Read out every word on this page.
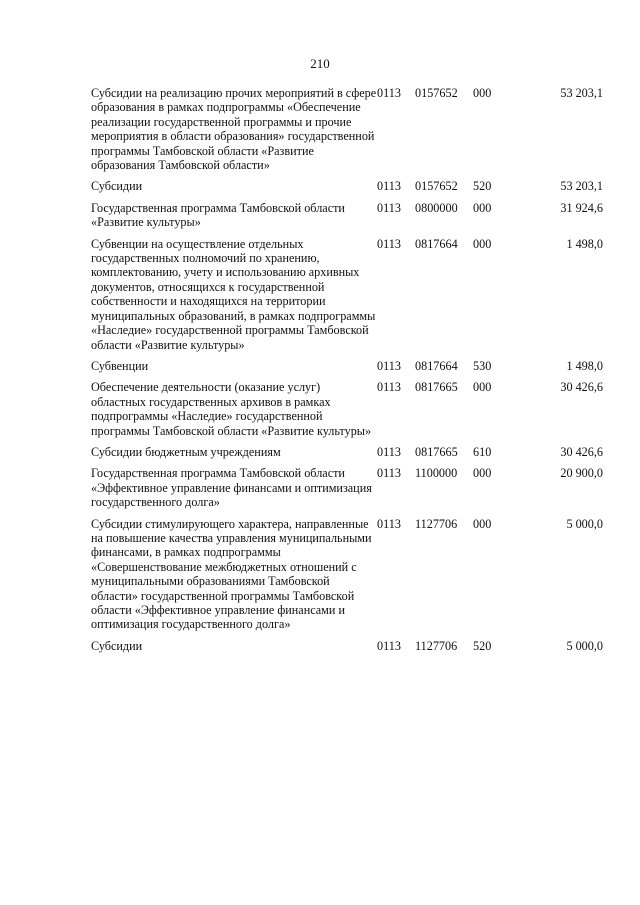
210
Субсидии на реализацию прочих мероприятий в сфере образования в рамках подпрограммы «Обеспечение реализации государственной программы и прочие мероприятия в области образования» государственной программы Тамбовской области «Развитие образования Тамбовской области»	0113	0157652	000	53 203,1
Субсидии	0113	0157652	520	53 203,1
Государственная программа Тамбовской области «Развитие культуры»	0113	0800000	000	31 924,6
Субвенции на осуществление отдельных государственных полномочий по хранению, комплектованию, учету и использованию архивных документов, относящихся к государственной собственности и находящихся на территории муниципальных образований, в рамках подпрограммы «Наследие» государственной программы Тамбовской области «Развитие культуры»	0113	0817664	000	1 498,0
Субвенции	0113	0817664	530	1 498,0
Обеспечение деятельности (оказание услуг) областных государственных архивов в рамках подпрограммы «Наследие» государственной программы Тамбовской области «Развитие культуры»	0113	0817665	000	30 426,6
Субсидии бюджетным учреждениям	0113	0817665	610	30 426,6
Государственная программа Тамбовской области «Эффективное управление финансами и оптимизация государственного долга»	0113	1100000	000	20 900,0
Субсидии стимулирующего характера, направленные на повышение качества управления муниципальными финансами, в рамках подпрограммы «Совершенствование межбюджетных отношений с муниципальными образованиями Тамбовской области» государственной программы Тамбовской области «Эффективное управление финансами и оптимизация государственного долга»	0113	1127706	000	5 000,0
Субсидии	0113	1127706	520	5 000,0
